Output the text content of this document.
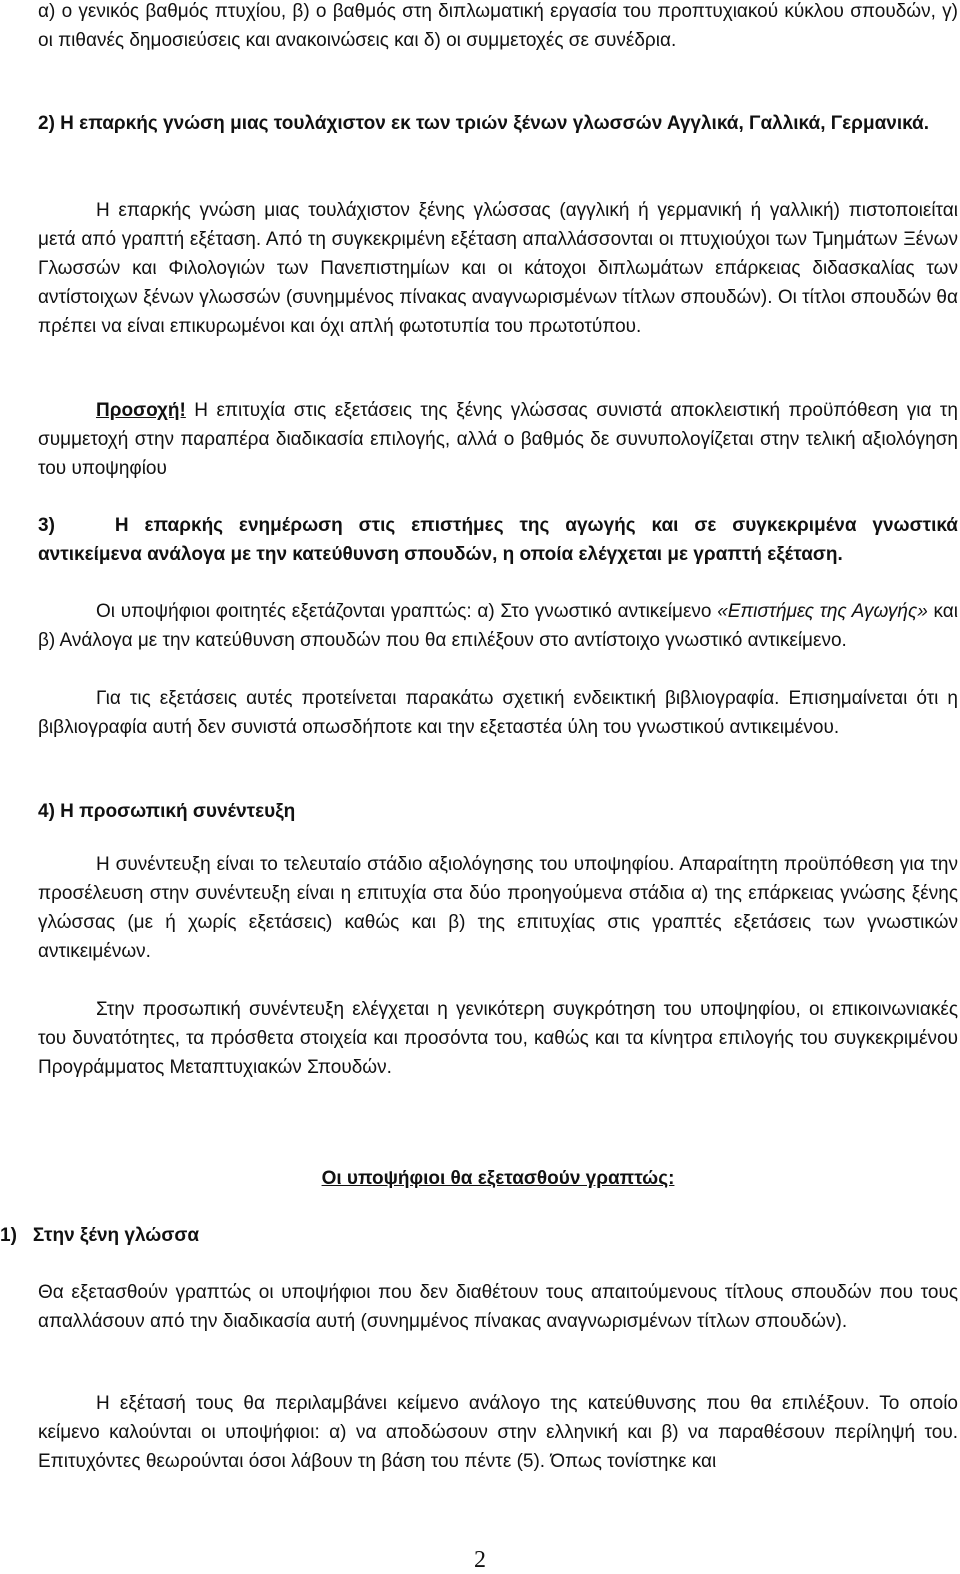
α) ο γενικός βαθμός πτυχίου, β) ο βαθμός στη διπλωματική εργασία του προπτυχιακού κύκλου σπουδών, γ) οι πιθανές δημοσιεύσεις και ανακοινώσεις και δ) οι συμμετοχές σε συνέδρια.

2) Η επαρκής γνώση μιας τουλάχιστον εκ των τριών ξένων γλωσσών Αγγλικά, Γαλλικά, Γερμανικά.

Η επαρκής γνώση μιας τουλάχιστον ξένης γλώσσας (αγγλική ή γερμανική ή γαλλική) πιστοποιείται μετά από γραπτή εξέταση. Από τη συγκεκριμένη εξέταση απαλλάσσονται οι πτυχιούχοι των Τμημάτων Ξένων Γλωσσών και Φιλολογιών των Πανεπιστημίων και οι κάτοχοι διπλωμάτων επάρκειας διδασκαλίας των αντίστοιχων ξένων γλωσσών (συνημμένος πίνακας αναγνωρισμένων τίτλων σπουδών). Οι τίτλοι σπουδών θα πρέπει να είναι επικυρωμένοι και όχι απλή φωτοτυπία του πρωτοτύπου.

Προσοχή! Η επιτυχία στις εξετάσεις της ξένης γλώσσας συνιστά αποκλειστική προϋπόθεση για τη συμμετοχή στην παραπέρα διαδικασία επιλογής, αλλά ο βαθμός δε συνυπολογίζεται στην τελική αξιολόγηση του υποψηφίου

3)	Η επαρκής ενημέρωση στις επιστήμες της αγωγής και σε συγκεκριμένα γνωστικά αντικείμενα ανάλογα με την κατεύθυνση σπουδών, η οποία ελέγχεται με γραπτή εξέταση.

Οι υποψήφιοι φοιτητές εξετάζονται γραπτώς: α) Στο γνωστικό αντικείμενο «Επιστήμες της Αγωγής» και β) Ανάλογα με την κατεύθυνση σπουδών που θα επιλέξουν στο αντίστοιχο γνωστικό αντικείμενο.

Για τις εξετάσεις αυτές προτείνεται παρακάτω σχετική ενδεικτική βιβλιογραφία. Επισημαίνεται ότι η βιβλιογραφία αυτή δεν συνιστά οπωσδήποτε και την εξεταστέα ύλη του γνωστικού αντικειμένου.

4) Η προσωπική συνέντευξη

Η συνέντευξη είναι το τελευταίο στάδιο αξιολόγησης του υποψηφίου. Απαραίτητη προϋπόθεση για την προσέλευση στην συνέντευξη είναι η επιτυχία στα δύο προηγούμενα στάδια α) της επάρκειας γνώσης ξένης γλώσσας (με ή χωρίς εξετάσεις) καθώς και β) της επιτυχίας στις γραπτές εξετάσεις των γνωστικών αντικειμένων.

Στην προσωπική συνέντευξη ελέγχεται η γενικότερη συγκρότηση του υποψηφίου, οι επικοινωνιακές του δυνατότητες, τα πρόσθετα στοιχεία και προσόντα του, καθώς και τα κίνητρα επιλογής του συγκεκριμένου Προγράμματος Μεταπτυχιακών Σπουδών.

Οι υποψήφιοι θα εξετασθούν γραπτώς:

1) Στην ξένη γλώσσα

Θα εξετασθούν γραπτώς οι υποψήφιοι που δεν διαθέτουν τους απαιτούμενους τίτλους σπουδών που τους απαλλάσουν από την διαδικασία αυτή (συνημμένος πίνακας αναγνωρισμένων τίτλων σπουδών).

Η εξέτασή τους θα περιλαμβάνει κείμενο ανάλογο της κατεύθυνσης που θα επιλέξουν. Το οποίο κείμενο καλούνται οι υποψήφιοι: α) να αποδώσουν στην ελληνική και β) να παραθέσουν περίληψή του. Επιτυχόντες θεωρούνται όσοι λάβουν τη βάση του πέντε (5). Όπως τονίστηκε και

2
